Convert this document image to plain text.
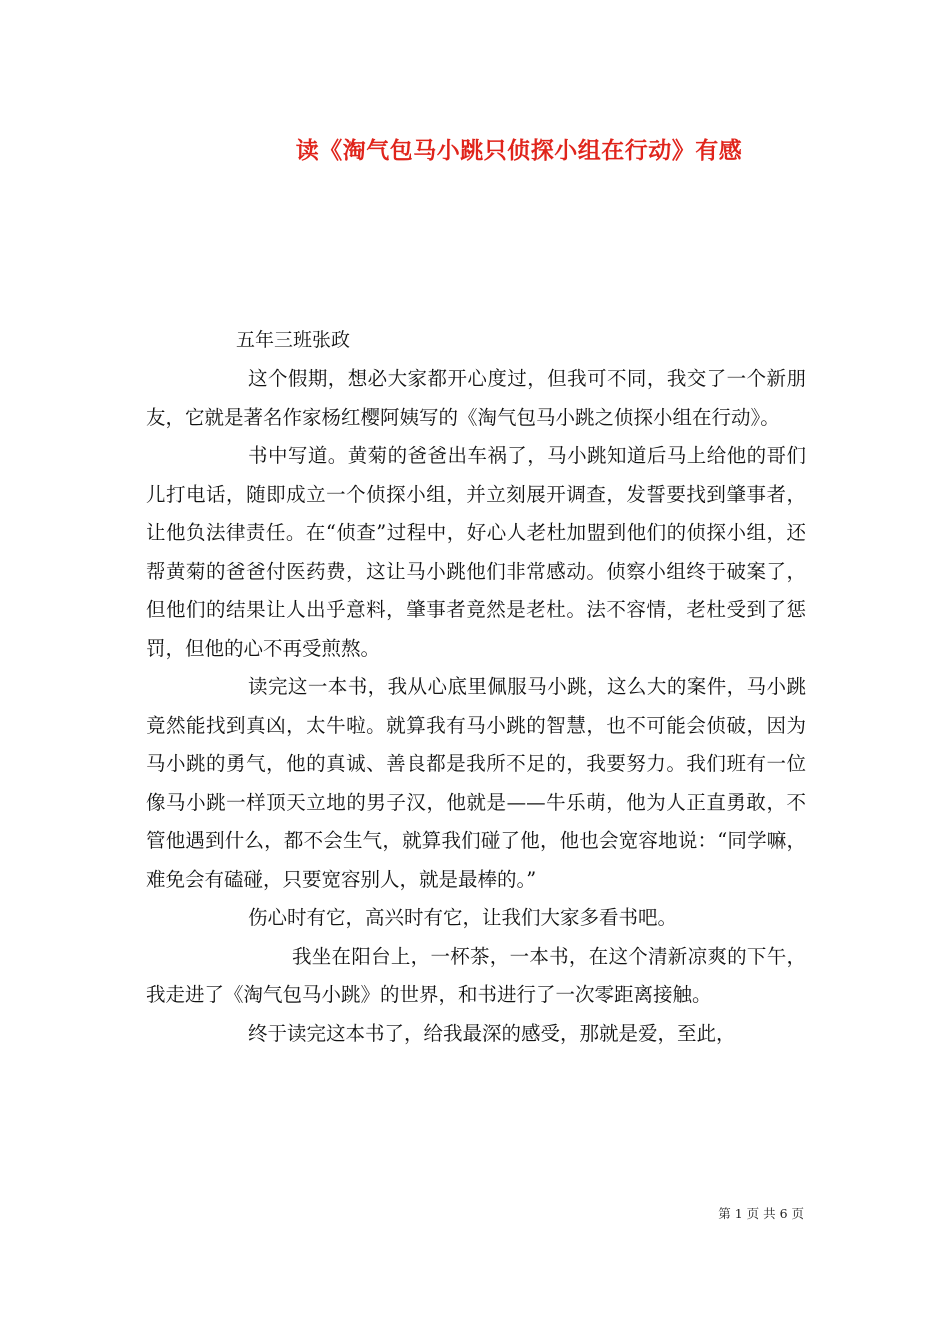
读《淘气包马小跳只侦探小组在行动》有感
五年三班张政

这个假期，想必大家都开心度过，但我可不同，我交了一个新朋友，它就是著名作家杨红樱阿姨写的《淘气包马小跳之侦探小组在行动》。

书中写道。黄菊的爸爸出车祸了，马小跳知道后马上给他的哥们儿打电话，随即成立一个侦探小组，并立刻展开调查，发誓要找到肇事者，让他负法律责任。在“侦查”过程中，好心人老杜加盟到他们的侦探小组，还帮黄菊的爸爸付医药费，这让马小跳他们非常感动。侦察小组终于破案了，但他们的结果让人出乎意料，肇事者竟然是老杜。法不容情，老杜受到了惩罚，但他的心不再受煎熬。

读完这一本书，我从心底里佩服马小跳，这么大的案件，马小跳竟然能找到真凶，太牛啦。就算我有马小跳的智慧，也不可能会侦破，因为马小跳的勇气，他的真诚、善良都是我所不足的，我要努力。我们班有一位像马小跳一样顶天立地的男子汉，他就是——牛乐萌，他为人正直勇敢，不管他遇到什么，都不会生气，就算我们碰了他，他也会宽容地说：“同学嘛，难免会有磕碰，只要宽容别人，就是最棒的。”

伤心时有它，高兴时有它，让我们大家多看书吧。

我坐在阳台上，一杯茶，一本书，在这个清新凉爽的下午，我走进了《淘气包马小跳》的世界，和书进行了一次零距离接触。

终于读完这本书了，给我最深的感受，那就是爱，至此，

第 1 页 共 6 页
